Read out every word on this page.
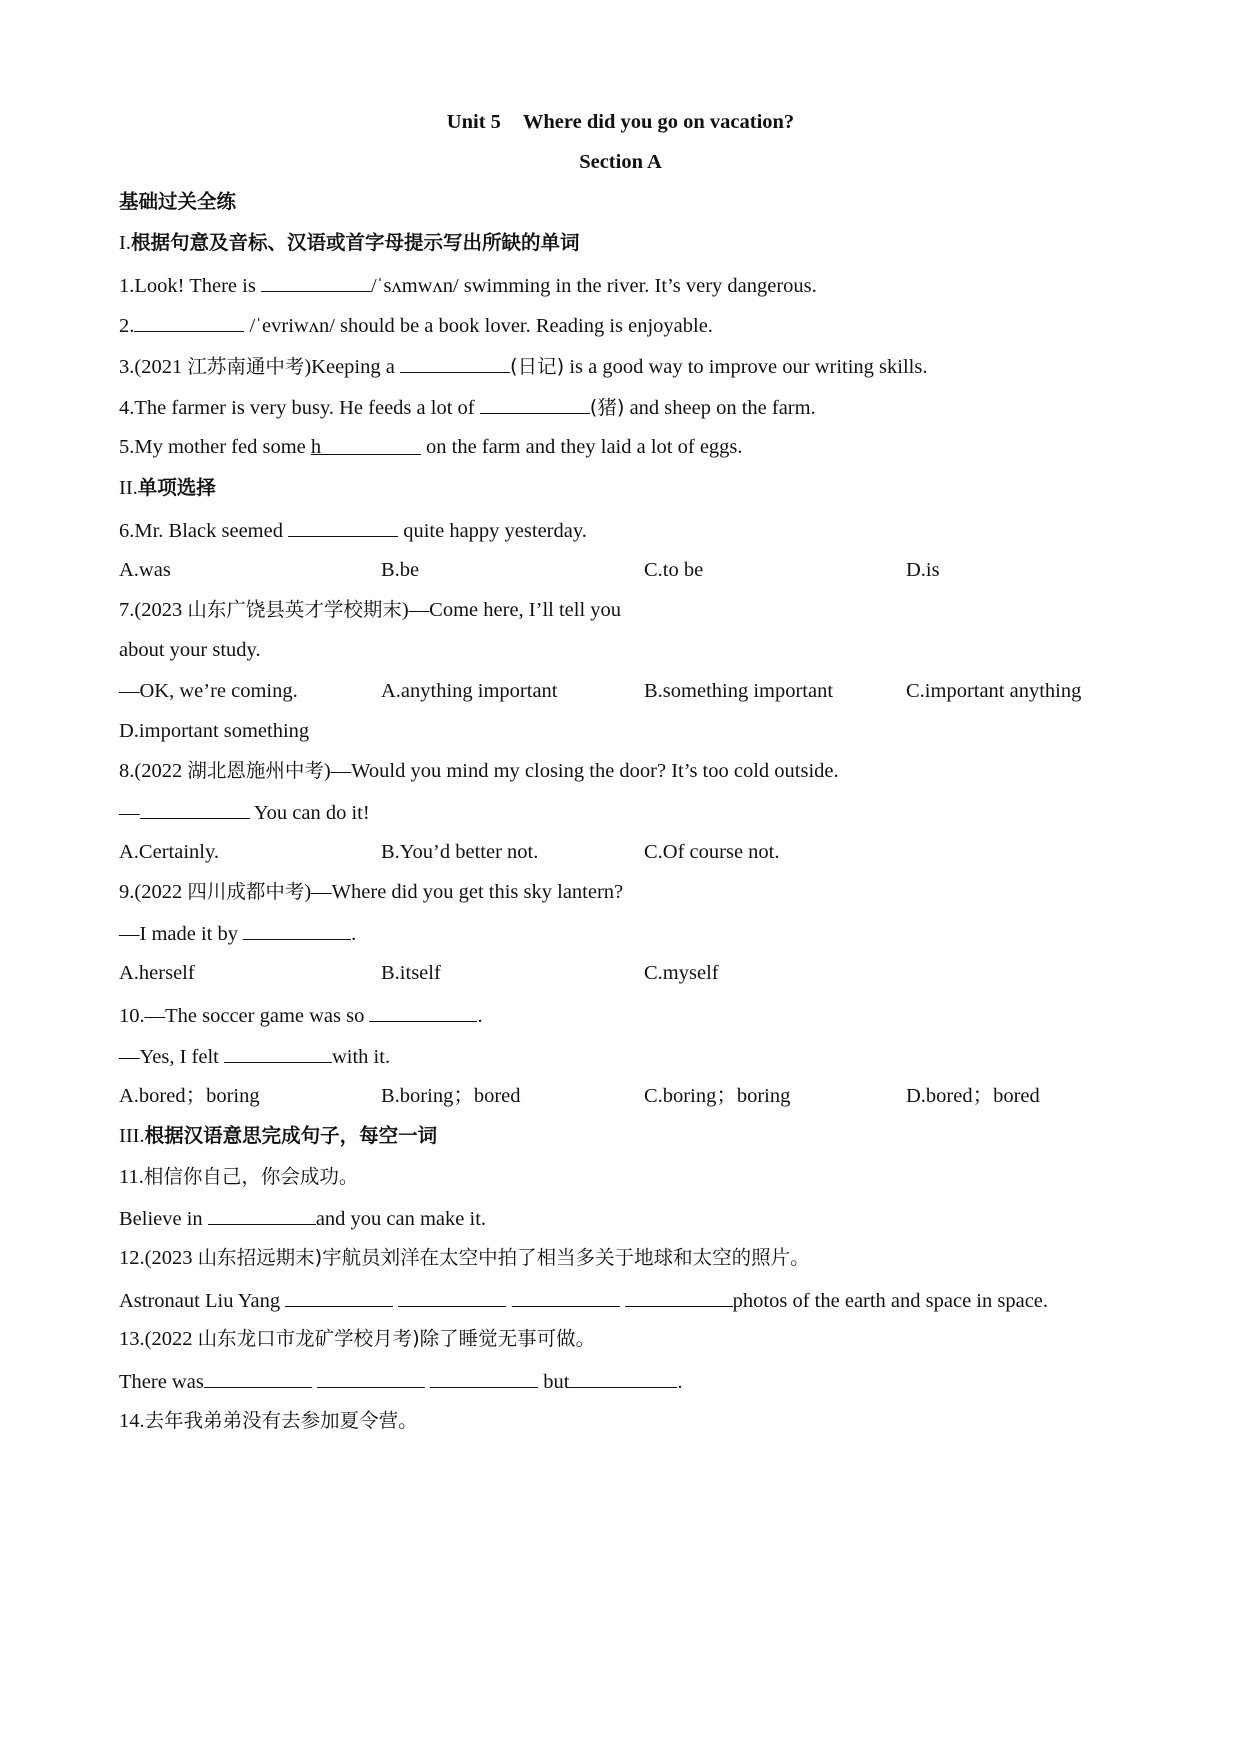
Unit 5 Where did you go on vacation?
Section A
基础过关全练
I.根据句意及音标、汉语或首字母提示写出所缺的单词
1.Look! There is	/ˈsʌmwʌn/ swimming in the river. It’s very dangerous.
2.	/ˈevriwʌn/ should be a book lover. Reading is enjoyable.
3.(2021 江苏南通中考)Keeping a	(日记) is a good way to improve our writing skills.
4.The farmer is very busy. He feeds a lot of	(猪) and sheep on the farm.
5.My mother fed some h	on the farm and they laid a lot of eggs.
II.单项选择
6.Mr. Black seemed	quite happy yesterday.
A.was	B.be	C.to be	D.is
7.(2023 山东广饶县英才学校期末)—Come here, I’ll tell you
about your study.
—OK, we’re coming.	A.anything important	B.something important	C.important anything
D.important something
8.(2022 湖北恩施州中考)—Would you mind my closing the door? It’s too cold outside.
—	You can do it!
A.Certainly.	B.You’d better not.	C.Of course not.
9.(2022 四川成都中考)—Where did you get this sky lantern?
—I made it by	.
A.herself	B.itself	C.myself
10.—The soccer game was so	.
—Yes, I felt	with it.
A.bored；boring	B.boring；bored	C.boring；boring	D.bored；bored
III.根据汉语意思完成句子，每空一词
11.相信你自己，你会成功。
Believe in	and you can make it.
12.(2023 山东招远期末)宇航员刘洋在太空中拍了相当多关于地球和太空的照片。
Astronaut Liu Yang	photos of the earth and space in space.
13.(2022 山东龙口市龙矿学校月考)除了睡觉无事可做。
There was	but	.
14.去年我弟弟没有去参加夏令营。
